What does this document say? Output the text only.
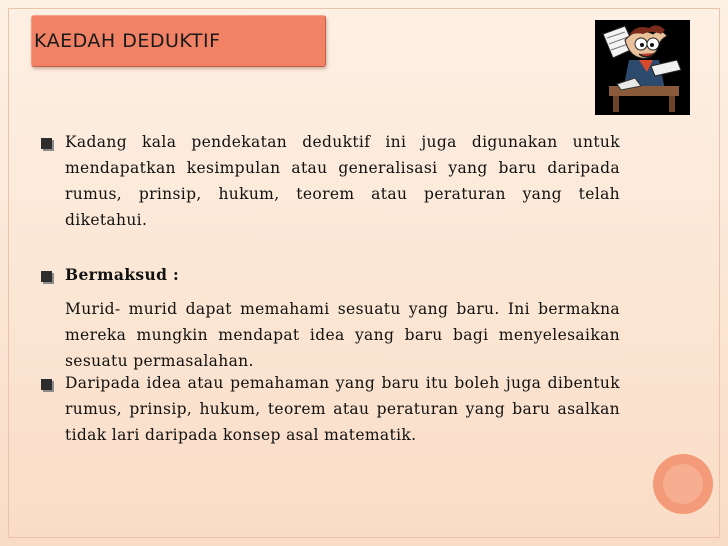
KAEDAH DEDUKTIF
Kadang kala pendekatan deduktif ini juga digunakan untuk mendapatkan kesimpulan atau generalisasi yang baru daripada rumus, prinsip, hukum, teorem atau peraturan yang telah diketahui.
Bermaksud :
Murid- murid dapat memahami sesuatu yang baru. Ini bermakna mereka mungkin mendapat idea yang baru bagi menyelesaikan sesuatu permasalahan.
Daripada idea atau pemahaman yang baru itu boleh juga dibentuk rumus, prinsip, hukum, teorem atau peraturan yang baru asalkan tidak lari daripada konsep asal matematik.
